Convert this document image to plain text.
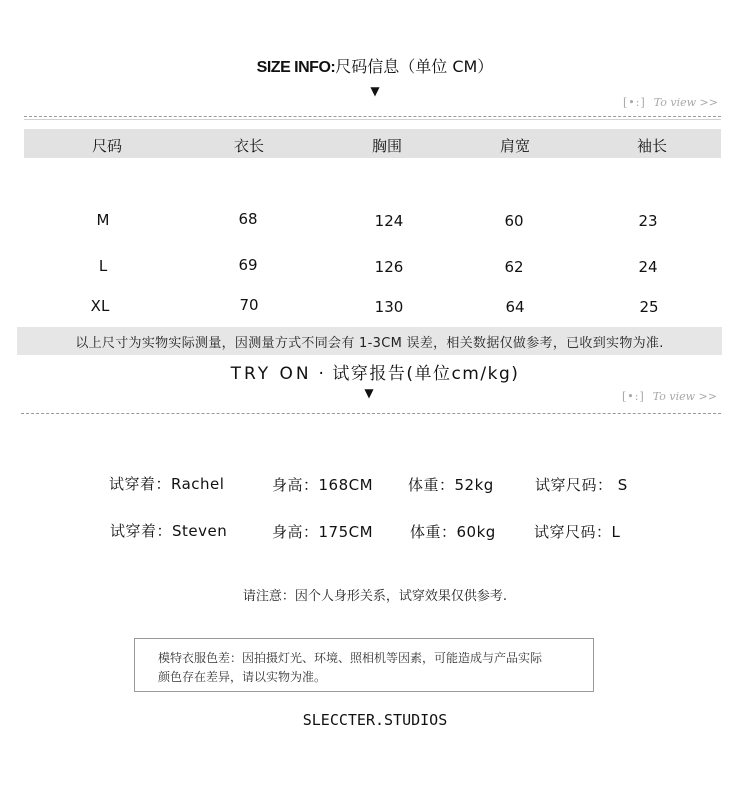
SIZE INFO:尺码信息（单位 CM）
▼
[•:] To view >>
尺码	衣长	胸围	肩宽	袖长
M	68	124	60	23
L	69	126	62	24
XL	70	130	64	25
以上尺寸为实物实际测量，因测量方式不同会有 1-3CM 误差，相关数据仅做参考，已收到实物为准.
TRY ON · 试穿报告(单位cm/kg)
▼	[•:] To view >>
试穿着：Rachel	身高：168CM 体重：52kg	试穿尺码： S
试穿着：Steven	身高：175CM 体重：60kg	试穿尺码：L
请注意：因个人身形关系，试穿效果仅供参考.

模特衣服色差：因拍摄灯光、环境、照相机等因素，可能造成与产品实际

颜色存在差异，请以实物为准。

SLECCTER.STUDIOS
